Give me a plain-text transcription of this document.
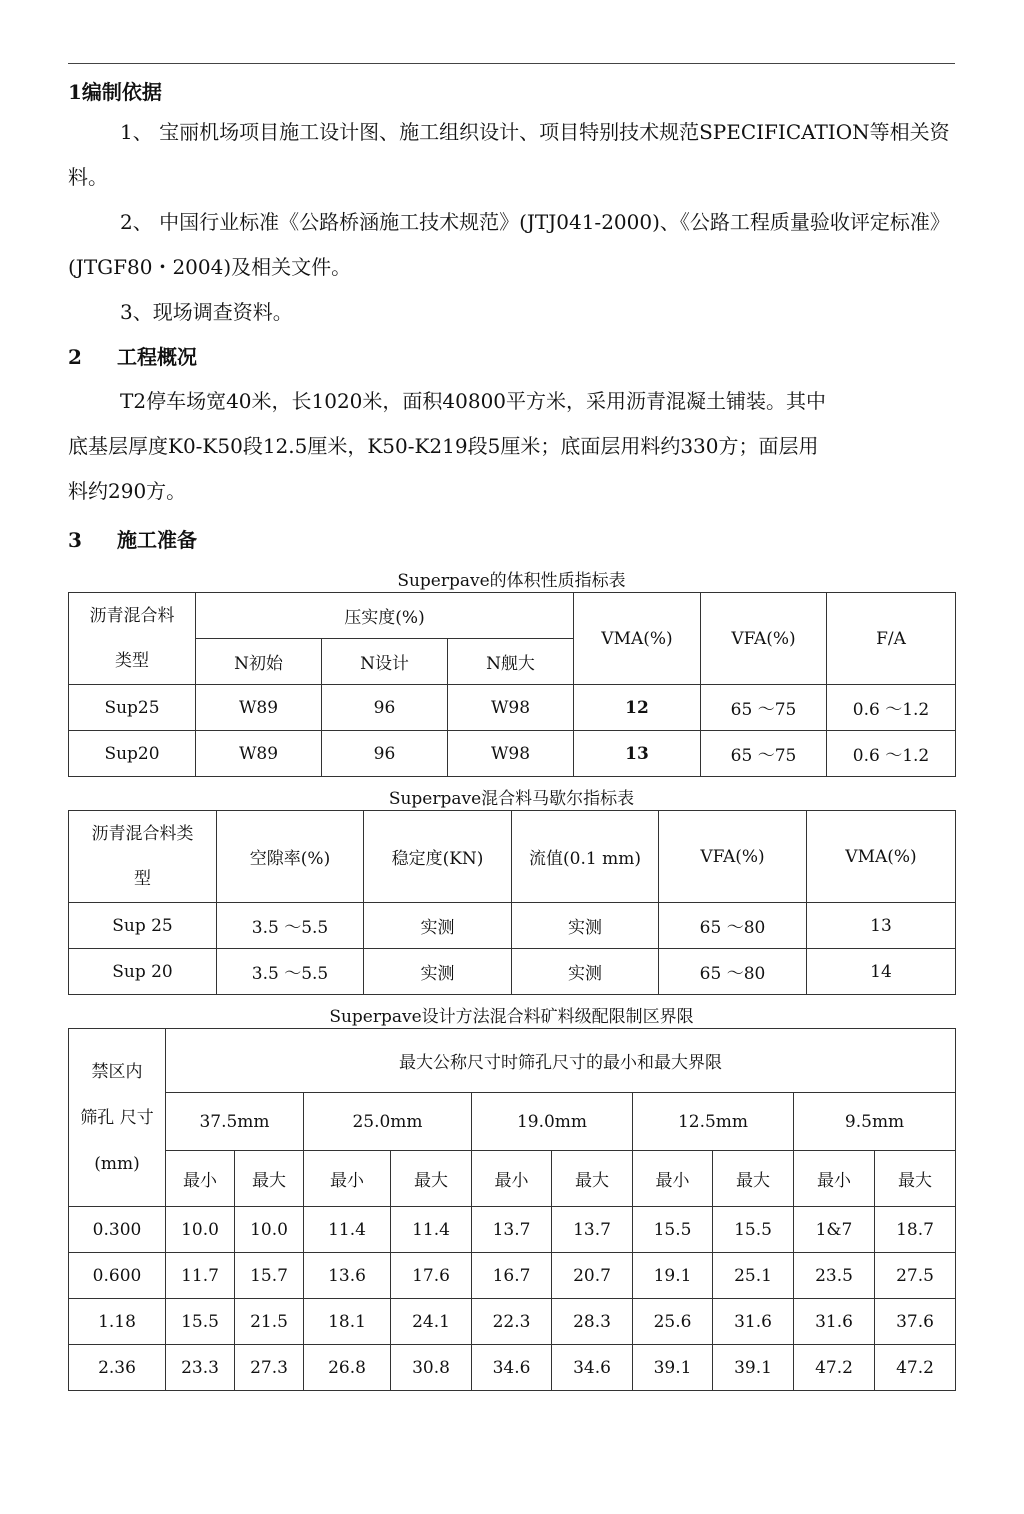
1 编制依据

1、 宝丽机场项目施工设计图、施工组织设计、项目特别技术规范SPECIFICATION等相关资料。

2、 中国行业标准《公路桥涵施工技术规范》(JTJ041-2000)、《公路工程质量验收评定标准》(JTGF80・2004)及相关文件。

3、现场调查资料。

2	工程概况

T2停车场宽40米，长1020米，面积40800平方米，采用沥青混凝土铺装。其中

底基层厚度K0-K50段12.5厘米，K50-K219段5厘米；底面层用料约330方；面层用

料约290方。

3	施工准备
Superpave的体积性质指标表
沥青混合料
类型	压实度(%)			VMA(%)	VFA(%)	F/A
	N初始	N设计	N舰大			
Sup25	W89	96	W98	12	65 〜75	0.6 〜1.2
Sup20	W89	96	W98	13	65 〜75	0.6 〜1.2
Superpave混合料马歇尔指标表
沥青混合料类
型	空隙率(%)	稳定度(KN)	流值(0.1 mm)	VFA(%)	VMA(%)
Sup 25	3.5 〜5.5	实测	实测	65 〜80	13
Sup 20	3.5 〜5.5	实测	实测	65 〜80	14
Superpave设计方法混合料矿料级配限制区界限
禁区内
筛孔 尺寸
(mm)	最大公称尺寸时筛孔尺寸的最小和最大界限									
	37.5mm		25.0mm		19.0mm		12.5mm		9.5mm	
	最小	最大	最小	最大	最小	最大	最小	最大	最小	最大
0.300	10.0	10.0	11.4	11.4	13.7	13.7	15.5	15.5	1&7	18.7
0.600	11.7	15.7	13.6	17.6	16.7	20.7	19.1	25.1	23.5	27.5
1.18	15.5	21.5	18.1	24.1	22.3	28.3	25.6	31.6	31.6	37.6
2.36	23.3	27.3	26.8	30.8	34.6	34.6	39.1	39.1	47.2	47.2
